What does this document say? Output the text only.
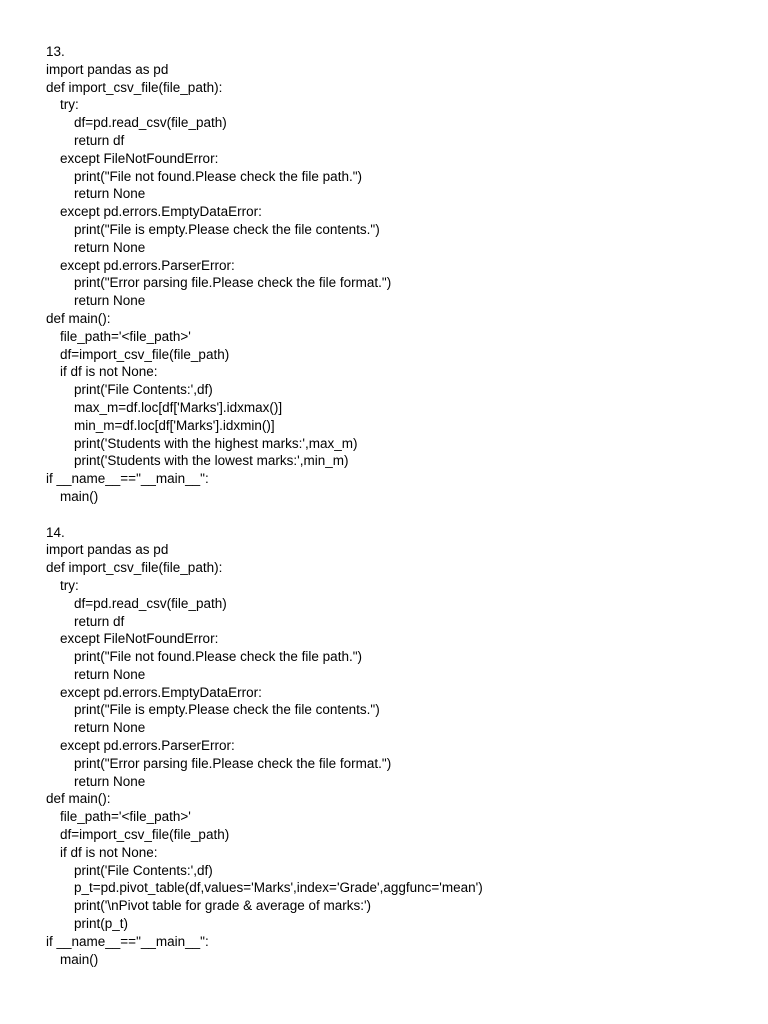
13.
import pandas as pd
def import_csv_file(file_path):
try:
df=pd.read_csv(file_path)
return df
except FileNotFoundError:
print("File not found.Please check the file path.")
return None
except pd.errors.EmptyDataError:
print("File is empty.Please check the file contents.")
return None
except pd.errors.ParserError:
print("Error parsing file.Please check the file format.")
return None
def main():
file_path='<file_path>'
df=import_csv_file(file_path)
if df is not None:
print('File Contents:',df)
max_m=df.loc[df['Marks'].idxmax()]
min_m=df.loc[df['Marks'].idxmin()]
print('Students with the highest marks:',max_m)
print('Students with the lowest marks:',min_m)
if __name__=="__main__":
main()
14.
import pandas as pd
def import_csv_file(file_path):
try:
df=pd.read_csv(file_path)
return df
except FileNotFoundError:
print("File not found.Please check the file path.")
return None
except pd.errors.EmptyDataError:
print("File is empty.Please check the file contents.")
return None
except pd.errors.ParserError:
print("Error parsing file.Please check the file format.")
return None
def main():
file_path='<file_path>'
df=import_csv_file(file_path)
if df is not None:
print('File Contents:',df)
p_t=pd.pivot_table(df,values='Marks',index='Grade',aggfunc='mean')
print('\nPivot table for grade & average of marks:')
print(p_t)
if __name__=="__main__":
main()
